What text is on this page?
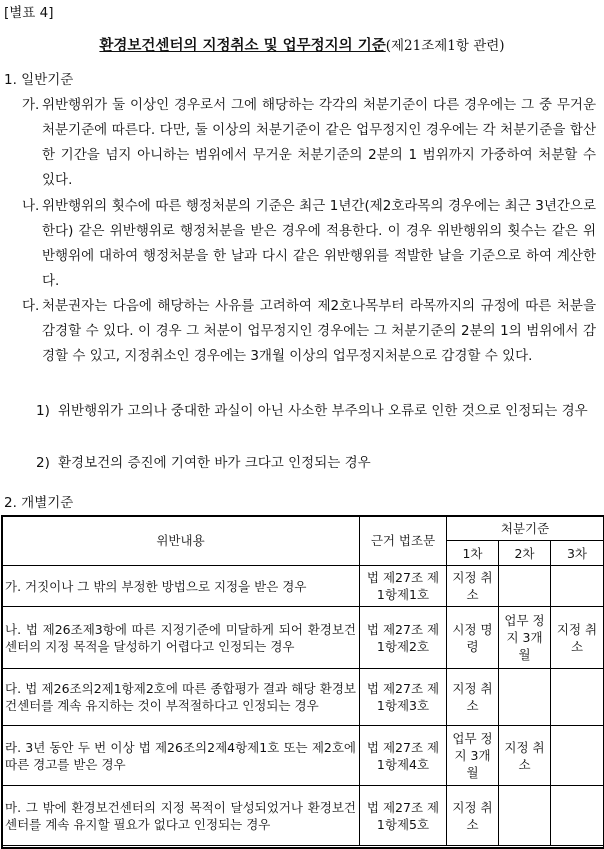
[별표 4]
환경보건센터의 지정취소 및 업무정지의 기준(제21조제1항 관련)
1. 일반기준
가. 위반행위가 둘 이상인 경우로서 그에 해당하는 각각의 처분기준이 다른 경우에는 그 중 무거운 처분기준에 따른다. 다만, 둘 이상의 처분기준이 같은 업무정지인 경우에는 각 처분기준을 합산한 기간을 넘지 아니하는 범위에서 무거운 처분기준의 2분의 1 범위까지 가중하여 처분할 수 있다.
나. 위반행위의 횟수에 따른 행정처분의 기준은 최근 1년간(제2호라목의 경우에는 최근 3년간으로 한다) 같은 위반행위로 행정처분을 받은 경우에 적용한다. 이 경우 위반행위의 횟수는 같은 위반행위에 대하여 행정처분을 한 날과 다시 같은 위반행위를 적발한 날을 기준으로 하여 계산한다.
다. 처분권자는 다음에 해당하는 사유를 고려하여 제2호나목부터 라목까지의 규정에 따른 처분을 감경할 수 있다. 이 경우 그 처분이 업무정지인 경우에는 그 처분기준의 2분의 1의 범위에서 감경할 수 있고, 지정취소인 경우에는 3개월 이상의 업무정지처분으로 감경할 수 있다.
1) 위반행위가 고의나 중대한 과실이 아닌 사소한 부주의나 오류로 인한 것으로 인정되는 경우
2) 환경보건의 증진에 기여한 바가 크다고 인정되는 경우
2. 개별기준
위반내용	근거 법조문	처분기준		
		1차	2차	3차
가. 거짓이나 그 밖의 부정한 방법으로 지정을 받은 경우	법 제27조 제1항제1호	지정 취소		
나. 법 제26조제3항에 따른 지정기준에 미달하게 되어 환경보건센터의 지정 목적을 달성하기 어렵다고 인정되는 경우	법 제27조 제1항제2호	시정 명령	업무 정지 3개월	지정 취소
다. 법 제26조의2제1항제2호에 따른 종합평가 결과 해당 환경보건센터를 계속 유지하는 것이 부적절하다고 인정되는 경우	법 제27조 제1항제3호	지정 취소		
라. 3년 동안 두 번 이상 법 제26조의2제4항제1호 또는 제2호에 따른 경고를 받은 경우	법 제27조 제1항제4호	업무 정지 3개월	지정 취소	
마. 그 밖에 환경보건센터의 지정 목적이 달성되었거나 환경보건센터를 계속 유지할 필요가 없다고 인정되는 경우	법 제27조 제1항제5호	지정 취소		
